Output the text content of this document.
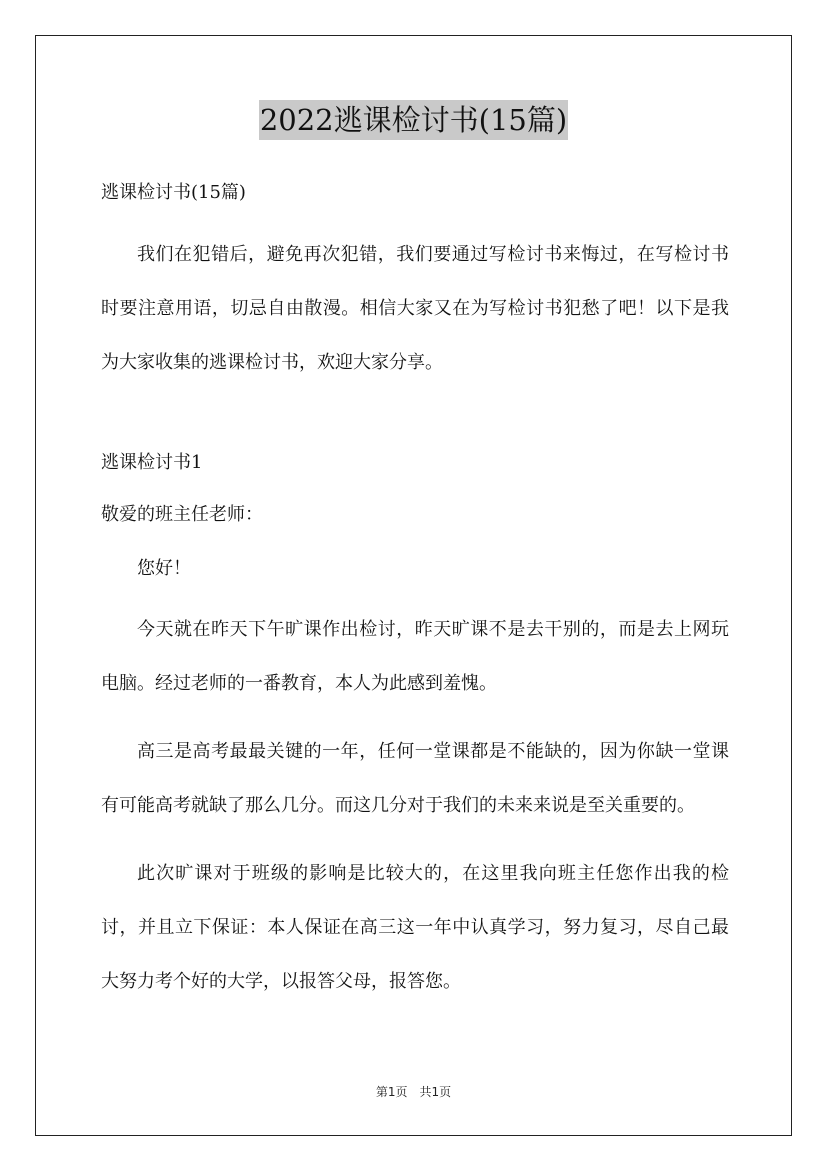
2022逃课检讨书(15篇)

逃课检讨书(15篇)

我们在犯错后，避免再次犯错，我们要通过写检讨书来悔过，在写检讨书时要注意用语，切忌自由散漫。相信大家又在为写检讨书犯愁了吧！以下是我为大家收集的逃课检讨书，欢迎大家分享。

逃课检讨书1

敬爱的班主任老师：

您好！

今天就在昨天下午旷课作出检讨，昨天旷课不是去干别的，而是去上网玩电脑。经过老师的一番教育，本人为此感到羞愧。

高三是高考最最关键的一年，任何一堂课都是不能缺的，因为你缺一堂课有可能高考就缺了那么几分。而这几分对于我们的未来来说是至关重要的。

此次旷课对于班级的影响是比较大的，在这里我向班主任您作出我的检讨，并且立下保证：本人保证在高三这一年中认真学习，努力复习，尽自己最大努力考个好的大学，以报答父母，报答您。

第1页 共1页
